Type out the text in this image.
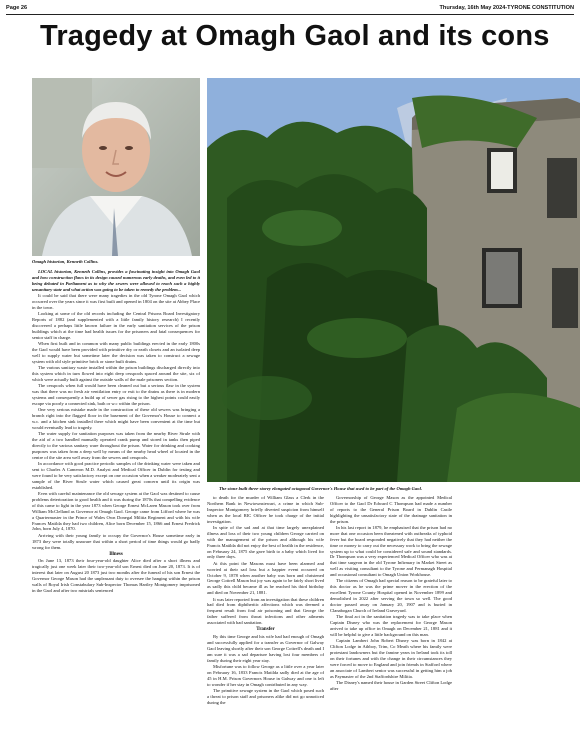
Page 26	Thursday, 16th May 2024-TYRONE CONSTITUTION
Tragedy at Omagh Gaol and its cons
Omagh historian, Kenneth Collins.
The stone built three-storey elongated octagonal Governor's House that used to be part of the Omagh Gaol.

LOCAL historian, Kenneth Collins, provides a fascinating insight into Omagh Gaol and how construction flaws in its design caused numerous early deaths, and even led to it being debated in Parliament as to why the sewers were allowed to reach such a highly unsanitary state and what action was going to be taken to remedy the problem...

It could be said that there were many tragedies in the old Tyrone Omagh Gaol which occurred over the years since it was first built and opened in 1804 on the site at Abbey Place in the town.

Looking at some of the old records including the Central Prisons Board Investigatory Reports of 1882 (and supplemented with a little family history research) I recently discovered a perhaps little known failure in the early sanitation services of the prison buildings which at the time had health issues for the prisoners and fatal consequences for senior staff in charge.

When first built and in common with many public buildings erected in the early 1800s the Gaol would have been provided with primitive dry or earth closets and an isolated deep well to supply water but sometime later the decision was taken to construct a sewage system with old style primitive brick or stone built drains.

The various sanitary waste installed within the prison buildings discharged directly into this system which in turn flowed into eight deep cesspools spaced around the site, six of which were actually built against the outside walls of the male prisoners section.

The cesspools when full would have been cleaned out but a serious flaw in the system was that there was no fresh air ventilation entry or exit to the drains as there is in modern systems and consequently a build up of sewer gas rising to the highest points could easily escape via poorly a connected sink, bath or w.c within the prison.

One very serious mistake made in the construction of these old sewers was bringing a branch right into the flagged floor in the basement of the Governor's House to connect a w.c. and a kitchen sink installed there which might have been convenient at the time but would eventually lead to tragedy.

The water supply for sanitation purposes was taken from the nearby River Strule with the aid of a two handled manually operated crank pump and stored in tanks then piped directly to the various sanitary ware throughout the prison. Water for drinking and cooking purposes was taken from a deep well by means of the nearby head wheel of located in the centre of the site area well away from the sewers and cesspools.

In accordance with good practice periodic samples of the drinking water were taken and sent to Charles A Cameron M.D. Analyst and Medical Officer in Dublin for testing and were found to be very satisfactory except on one occasion when a weaker moderately sent a sample of the River Strule water which caused great concern until its origin was established.

Even with careful maintenance the old sewage system at the Gaol was destined to cause problems deterioration to good health and it was during the 1870s that compelling evidence of this came to light in the year 1873 when George Ernest McLaren Mason took over from William McClelland as Governor at Omagh Gaol. George came from Lifford where he was a Quartermaster in the Prince of Wales Own Donegal Militia Regiment and with his wife Frances Matilda they had two children, Alice born December 15, 1866 and Ernest Fredrick John, born July 4, 1870.

Arriving with their young family to occupy the Governor's House sometime early in 1873 they were totally unaware that within a short period of time things would go badly wrong for them.

Illness

On June 13, 1873 their four-year-old daughter Alice died after a short illness and tragically just one week later their two-year-old son Ernest died on June 20, 1873. It is of interest that later on August 20 1873 just two months after the funeral of his son Ernest the Governor George Mason had the unpleasant duty to oversee the hanging within the prison walls of Royal Irish Constabulary Sub-Inspector Thomas Hartley Montgomery imprisoned in the Gaol and after two mistrials sentenced

to death for the murder of William Glass a Clerk in the Northern Bank in Newtownstewart, a crime in which Sub-Inspector Montgomery briefly diverted suspicion from himself when as the local RIC Officer he took charge of the initial investigation.

In spite of the sad and at that time largely unexplained illness and loss of their two young children George carried on with the management of the prison and although his wife Francis Matilda did not enjoy the best of health in the residence, on February 24, 1875 she gave birth to a baby which lived for only three days.

At this point the Masons must have been alarmed and worried at their sad loss but a happier event occurred on October 9, 1878 when another baby was born and christened George Cottrell Mason but joy was again to be fairly short lived as sadly this child became ill as he reached his third birthday and died on November 21, 1881.

It was later reported from an investigation that these children had died from diphtheritic affections which was deemed a frequent result from foul air poisoning and that George the father suffered from throat infections and other ailments associated with bad sanitation.

Transfer

By this time George and his wife had had enough of Omagh and successfully applied for a transfer as Governor of Galway Gaol leaving shortly after their son George Cottrell's death and I am sure it was a sad departure having lost four members of family during their eight year stay.

Misfortune was to follow George as a little over a year later on February 16, 1833 Francis Matilda sadly died at the age of 45 in H.M. Prison Governors House in Galway and one is left to wonder if her stay in Omagh contributed in any way.

The primitive sewage system in the Gaol which posed such a threat to prison staff and prisoners alike did not go unnoticed during the

Governorship of George Mason as the appointed Medical Officer to the Gaol Dr Edward C Thompson had made a number of reports to the General Prison Board in Dublin Castle highlighting the unsatisfactory state of the drainage sanitation in the prison.

In his last report in 1879, he emphasised that the prison had no more that one occasion been threatened with outbreaks of typhoid fever but the board responded negatively that they had neither the time or money to carry out the necessary work to bring the sewage system up to what could be considered safe and sound standards. Dr Thompson was a very experienced Medical Officer who was at that time surgeon in the old Tyrone Infirmary in Market Street as well as visiting consultant to the Tyrone and Fermanagh Hospital and occasional consultant to Omagh Union Workhouse.

The citizens of Omagh had special reason to be grateful later to this doctor as he was the prime mover in the erection of the excellent Tyrone County Hospital opened in November 1899 and demolished in 2022 after serving the town so well. The good doctor passed away on January 20, 1907 and is buried in Clanabogan Church of Ireland Graveyard.

The final act in the sanitation tragedy was to take place when Captain Disney who was the replacement for George Mason arrived to take up office in Omagh on December 21, 1881 and it will be helpful to give a little background on this man.

Captain Lambert John Robert Disney was born in 1842 at Clifton Lodge in Athboy, Trim, Co Meath where his family were protestant landowners but the famine years in Ireland took its toll on their fortunes and with the change in their circumstances they were forced to move to England and join friends in Stafford where an associate of Lambert senior was successful in getting him a job as Paymaster of the 2nd Staffordshire Militia.

The Disney's named their house in Garden Street Clifton Lodge after
